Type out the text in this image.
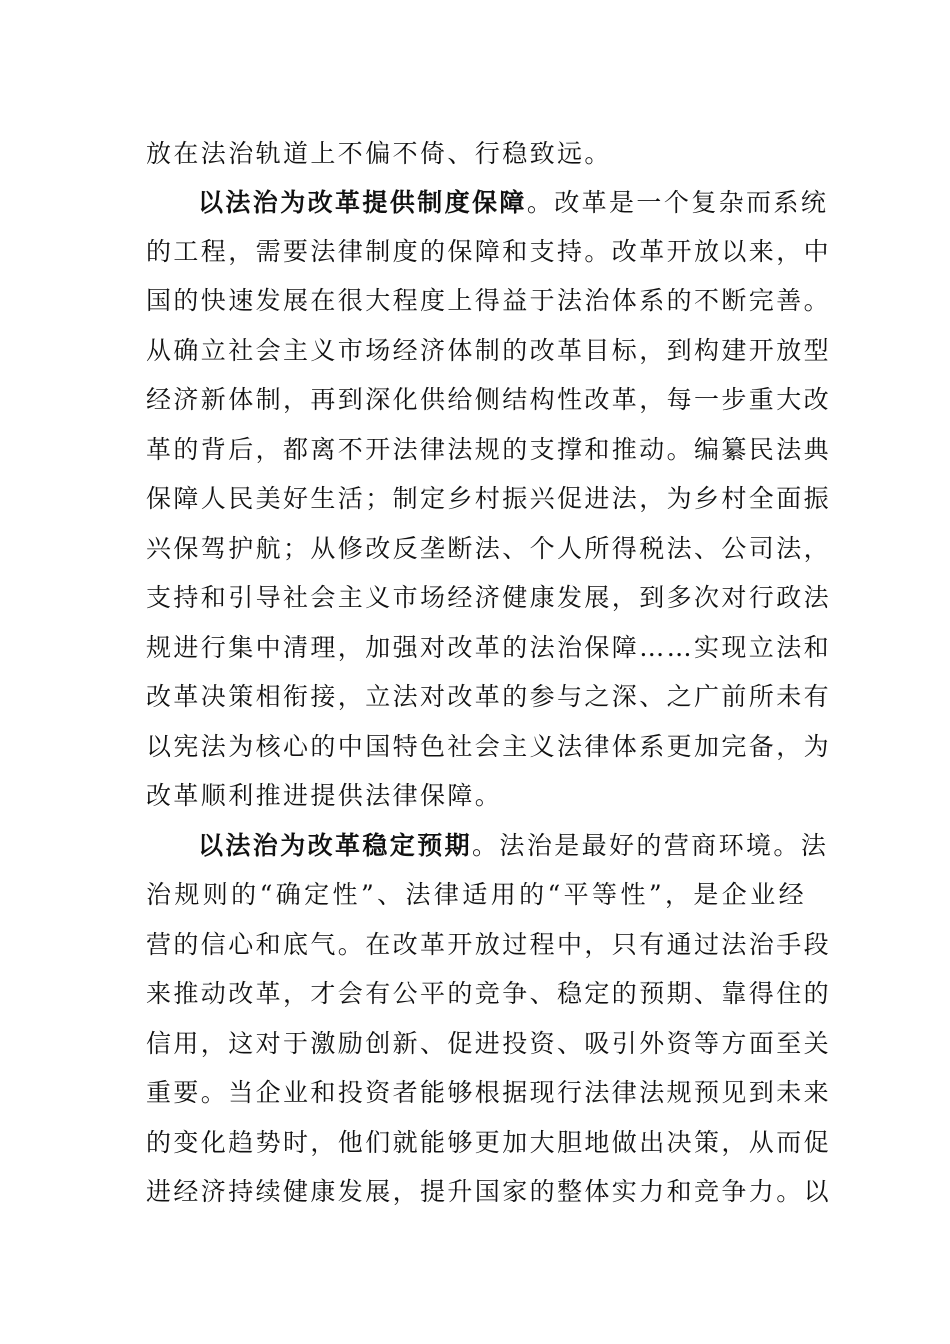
放在法治轨道上不偏不倚、行稳致远。
以法治为改革提供制度保障。改革是一个复杂而系统
的工程，需要法律制度的保障和支持。改革开放以来，中
国的快速发展在很大程度上得益于法治体系的不断完善。
从确立社会主义市场经济体制的改革目标，到构建开放型
经济新体制，再到深化供给侧结构性改革，每一步重大改
革的背后，都离不开法律法规的支撑和推动。编纂民法典
保障人民美好生活；制定乡村振兴促进法，为乡村全面振
兴保驾护航；从修改反垄断法、个人所得税法、公司法，
支持和引导社会主义市场经济健康发展，到多次对行政法
规进行集中清理，加强对改革的法治保障……实现立法和
改革决策相衔接，立法对改革的参与之深、之广前所未有
以宪法为核心的中国特色社会主义法律体系更加完备，为
改革顺利推进提供法律保障。
以法治为改革稳定预期。法治是最好的营商环境。法
治规则的“确定性”、法律适用的“平等性”，是企业经
营的信心和底气。在改革开放过程中，只有通过法治手段
来推动改革，才会有公平的竞争、稳定的预期、靠得住的
信用，这对于激励创新、促进投资、吸引外资等方面至关
重要。当企业和投资者能够根据现行法律法规预见到未来
的变化趋势时，他们就能够更加大胆地做出决策，从而促
进经济持续健康发展，提升国家的整体实力和竞争力。以
